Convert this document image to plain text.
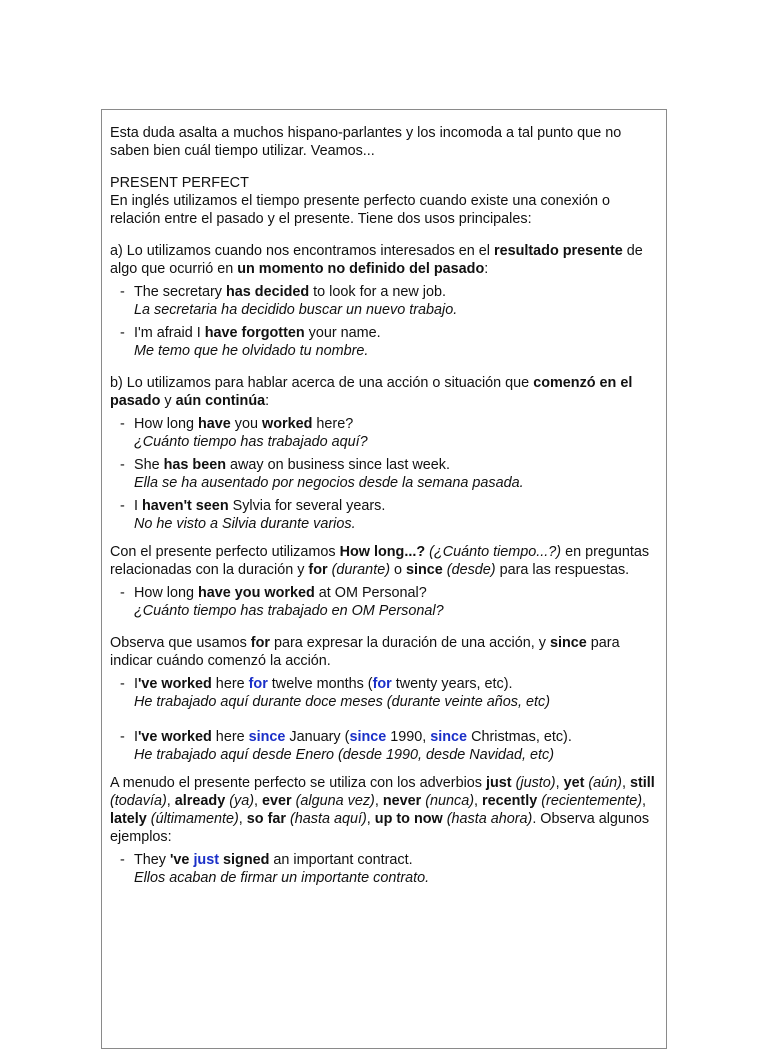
Esta duda asalta a muchos hispano-parlantes y los incomoda a tal punto que no saben bien cuál tiempo utilizar. Veamos...

PRESENT PERFECT

En inglés utilizamos el tiempo presente perfecto cuando existe una conexión o relación entre el pasado y el presente. Tiene dos usos principales:

a) Lo utilizamos cuando nos encontramos interesados en el resultado presente de algo que ocurrió en un momento no definido del pasado:

- The secretary has decided to look for a new job.
La secretaria ha decidido buscar un nuevo trabajo.
- I'm afraid I have forgotten your name.
Me temo que he olvidado tu nombre.

b) Lo utilizamos para hablar acerca de una acción o situación que comenzó en el pasado y aún continúa:

- How long have you worked here?
¿Cuánto tiempo has trabajado aquí?
- She has been away on business since last week.
Ella se ha ausentado por negocios desde la semana pasada.
- I haven't seen Sylvia for several years.
No he visto a Silvia durante varios.

Con el presente perfecto utilizamos How long...? (¿Cuánto tiempo...?) en preguntas relacionadas con la duración y for (durante) o since (desde) para las respuestas.

- How long have you worked at OM Personal?
¿Cuánto tiempo has trabajado en OM Personal?

Observa que usamos for para expresar la duración de una acción, y since para indicar cuándo comenzó la acción.

- I've worked here for twelve months (for twenty years, etc).
He trabajado aquí durante doce meses (durante veinte años, etc)
- I've worked here since January (since 1990, since Christmas, etc).
He trabajado aquí desde Enero (desde 1990, desde Navidad, etc)

A menudo el presente perfecto se utiliza con los adverbios just (justo), yet (aún), still (todavía), already (ya), ever (alguna vez), never (nunca), recently (recientemente), lately (últimamente), so far (hasta aquí), up to now (hasta ahora). Observa algunos ejemplos:

- They 've just signed an important contract.
Ellos acaban de firmar un importante contrato.
